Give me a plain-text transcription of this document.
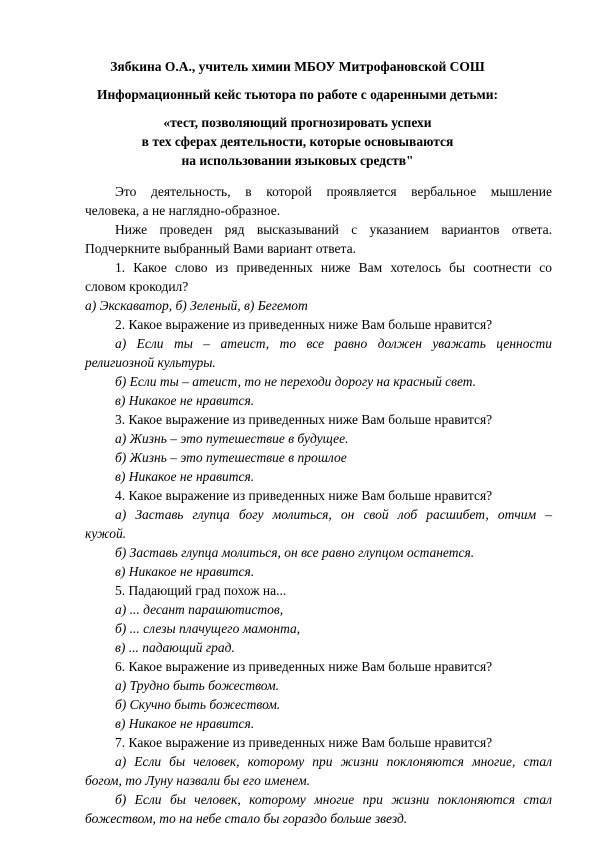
Зябкина О.А., учитель химии МБОУ Митрофановской СОШ
Информационный кейс тьютора по работе с одаренными детьми:
«тест, позволяющий прогнозировать успехи
в тех сферах деятельности, которые основываются
на использовании языковых средств"
Это деятельность, в которой проявляется вербальное мышление
человека, а не наглядно-образное.
Ниже проведен ряд высказываний с указанием вариантов ответа.
Подчеркните выбранный Вами вариант ответа.
1. Какое слово из приведенных ниже Вам хотелось бы соотнести со
словом крокодил?
а) Экскаватор, б) Зеленый, в) Бегемот
2. Какое выражение из приведенных ниже Вам больше нравится?
а) Если ты – атеист, то все равно должен уважать ценности
религиозной культуры.
б) Если ты – атеист, то не переходи дорогу на красный свет.
в) Никакое не нравится.
3. Какое выражение из приведенных ниже Вам больше нравится?
а) Жизнь – это путешествие в будущее.
б) Жизнь – это путешествие в прошлое
в) Никакое не нравится.
4. Какое выражение из приведенных ниже Вам больше нравится?
а) Заставь глупца богу молиться, он свой лоб расшибет, отчим –
кужой.
б) Заставь глупца молиться, он все равно глупцом останется.
в) Никакое не нравится.
5. Падающий град похож на...
а) ... десант парашютистов,
б) ... слезы плачущего мамонта,
в) ... падающий град.
6. Какое выражение из приведенных ниже Вам больше нравится?
а) Трудно быть божеством.
б) Скучно быть божеством.
в) Никакое не нравится.
7. Какое выражение из приведенных ниже Вам больше нравится?
а) Если бы человек, которому при жизни поклоняются многие, стал
богом, то Луну назвали бы его именем.
б) Если бы человек, которому многие при жизни поклоняются стал
божеством, то на небе стало бы гораздо больше звезд.
